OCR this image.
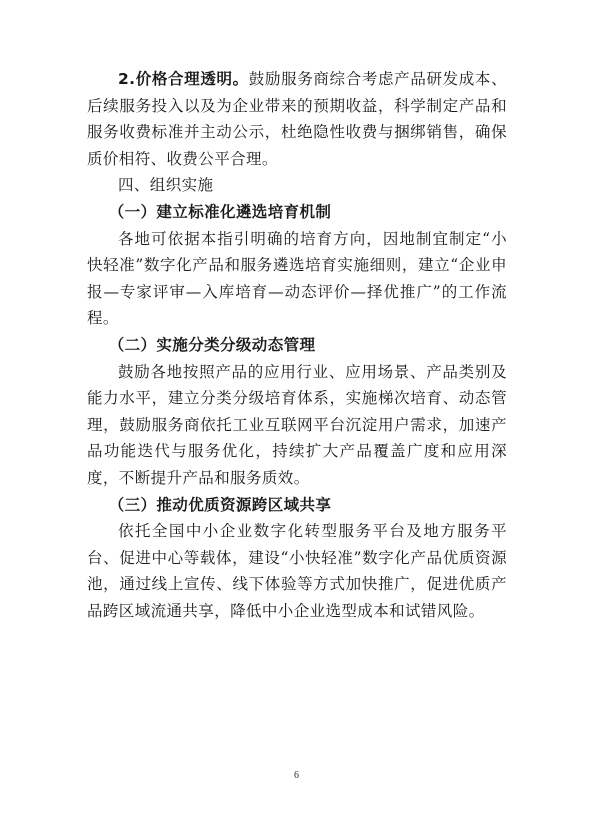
2.价格合理透明。鼓励服务商综合考虑产品研发成本、后续服务投入以及为企业带来的预期收益，科学制定产品和服务收费标准并主动公示，杜绝隐性收费与捆绑销售，确保质价相符、收费公平合理。

四、组织实施

（一）建立标准化遴选培育机制

各地可依据本指引明确的培育方向，因地制宜制定“小快轻准”数字化产品和服务遴选培育实施细则，建立“企业申报—专家评审—入库培育—动态评价—择优推广”的工作流程。

（二）实施分类分级动态管理

鼓励各地按照产品的应用行业、应用场景、产品类别及能力水平，建立分类分级培育体系，实施梯次培育、动态管理，鼓励服务商依托工业互联网平台沉淀用户需求，加速产品功能迭代与服务优化，持续扩大产品覆盖广度和应用深度，不断提升产品和服务质效。

（三）推动优质资源跨区域共享

依托全国中小企业数字化转型服务平台及地方服务平台、促进中心等载体，建设“小快轻准”数字化产品优质资源池，通过线上宣传、线下体验等方式加快推广，促进优质产品跨区域流通共享，降低中小企业选型成本和试错风险。

6
